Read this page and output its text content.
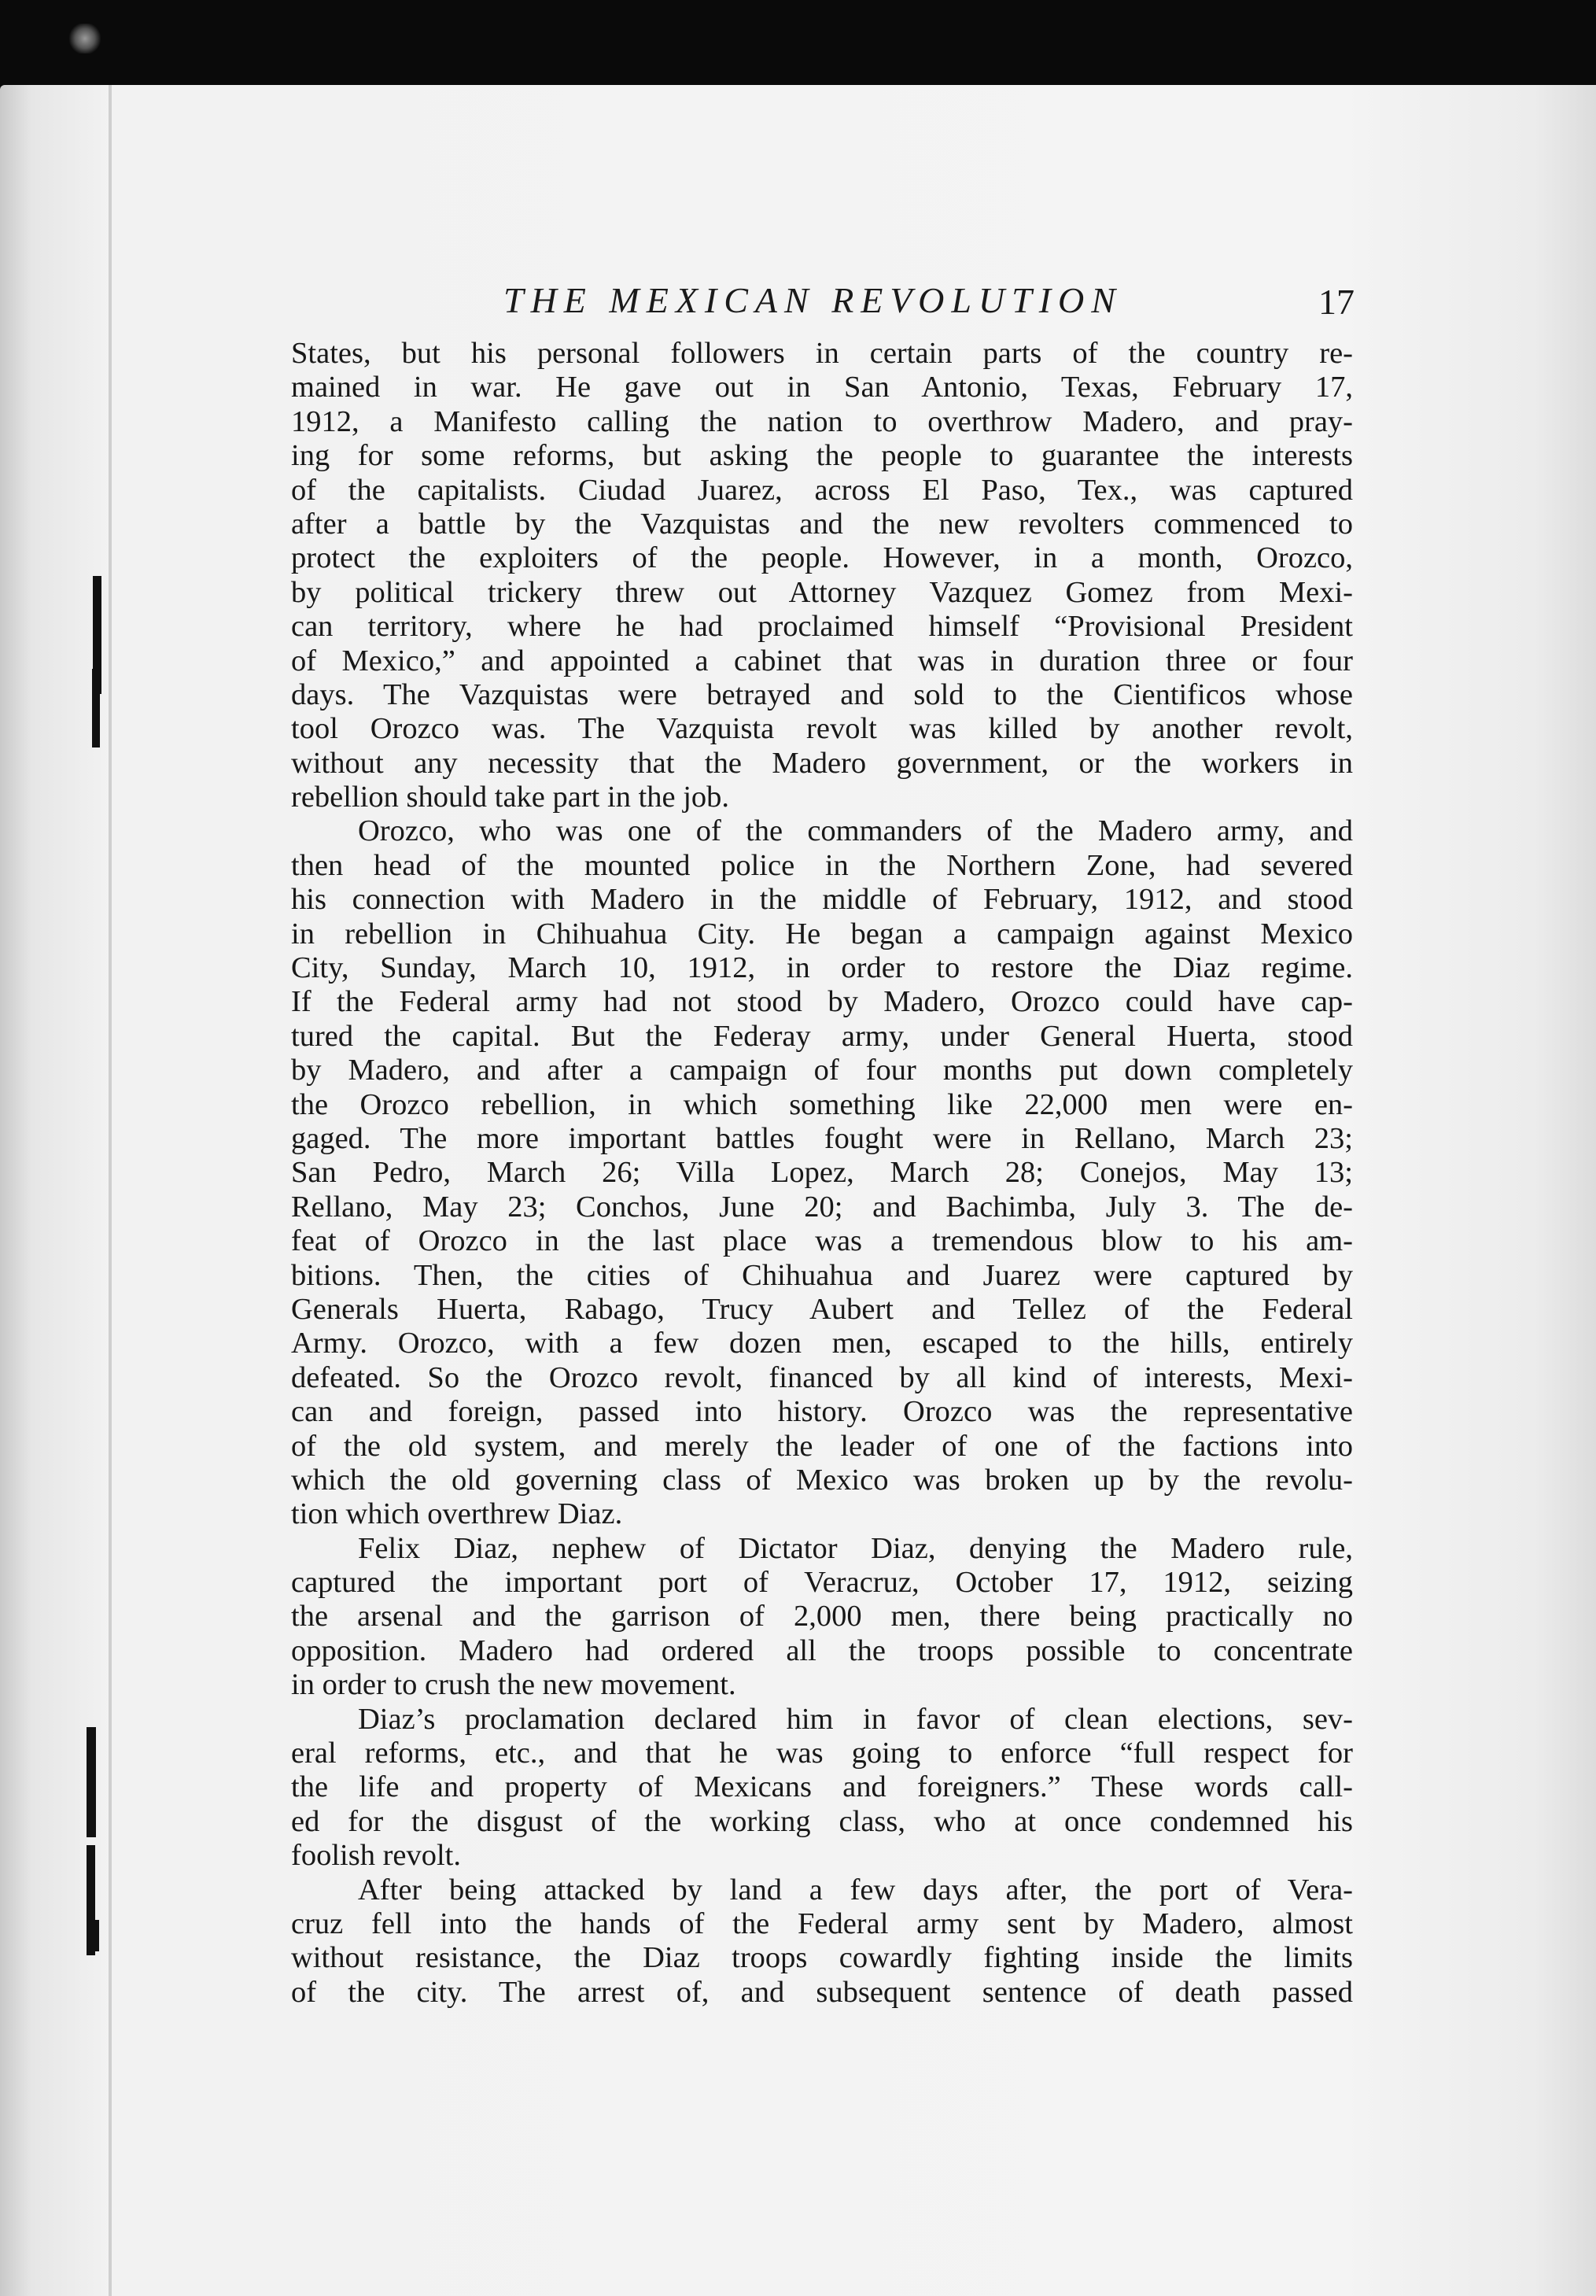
THE MEXICAN REVOLUTION	17
States, but his personal followers in certain parts of the country re-
mained in war. He gave out in San Antonio, Texas, February 17,
1912, a Manifesto calling the nation to overthrow Madero, and pray-
ing for some reforms, but asking the people to guarantee the interests
of the capitalists. Ciudad Juarez, across El Paso, Tex., was captured
after a battle by the Vazquistas and the new revolters commenced to
protect the exploiters of the people. However, in a month, Orozco,
by political trickery threw out Attorney Vazquez Gomez from Mexi-
can territory, where he had proclaimed himself “Provisional President
of Mexico,” and appointed a cabinet that was in duration three or four
days. The Vazquistas were betrayed and sold to the Cientificos whose
tool Orozco was. The Vazquista revolt was killed by another revolt,
without any necessity that the Madero government, or the workers in
rebellion should take part in the job.
Orozco, who was one of the commanders of the Madero army, and
then head of the mounted police in the Northern Zone, had severed
his connection with Madero in the middle of February, 1912, and stood
in rebellion in Chihuahua City. He began a campaign against Mexico
City, Sunday, March 10, 1912, in order to restore the Diaz regime.
If the Federal army had not stood by Madero, Orozco could have cap-
tured the capital. But the Federay army, under General Huerta, stood
by Madero, and after a campaign of four months put down completely
the Orozco rebellion, in which something like 22,000 men were en-
gaged. The more important battles fought were in Rellano, March 23;
San Pedro, March 26; Villa Lopez, March 28; Conejos, May 13;
Rellano, May 23; Conchos, June 20; and Bachimba, July 3. The de-
feat of Orozco in the last place was a tremendous blow to his am-
bitions. Then, the cities of Chihuahua and Juarez were captured by
Generals Huerta, Rabago, Trucy Aubert and Tellez of the Federal
Army. Orozco, with a few dozen men, escaped to the hills, entirely
defeated. So the Orozco revolt, financed by all kind of interests, Mexi-
can and foreign, passed into history. Orozco was the representative
of the old system, and merely the leader of one of the factions into
which the old governing class of Mexico was broken up by the revolu-
tion which overthrew Diaz.
Felix Diaz, nephew of Dictator Diaz, denying the Madero rule,
captured the important port of Veracruz, October 17, 1912, seizing
the arsenal and the garrison of 2,000 men, there being practically no
opposition. Madero had ordered all the troops possible to concentrate
in order to crush the new movement.
Diaz’s proclamation declared him in favor of clean elections, sev-
eral reforms, etc., and that he was going to enforce “full respect for
the life and property of Mexicans and foreigners.” These words call-
ed for the disgust of the working class, who at once condemned his
foolish revolt.
After being attacked by land a few days after, the port of Vera-
cruz fell into the hands of the Federal army sent by Madero, almost
without resistance, the Diaz troops cowardly fighting inside the limits
of the city. The arrest of, and subsequent sentence of death passed
